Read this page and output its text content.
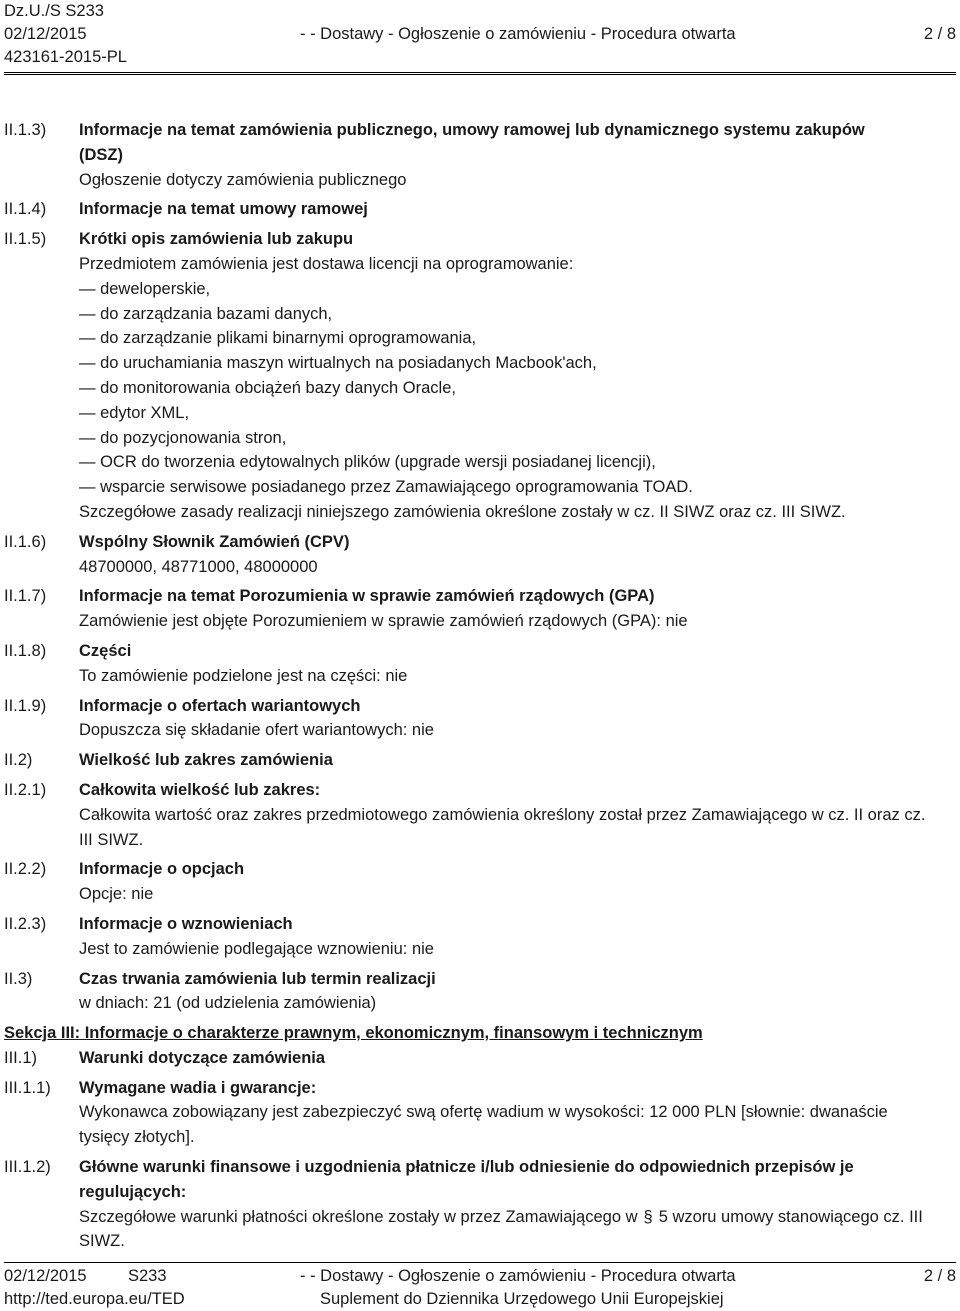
Dz.U./S S233
02/12/2015	- - Dostawy - Ogłoszenie o zamówieniu - Procedura otwarta	2 / 8
423161-2015-PL
II.1.3) Informacje na temat zamówienia publicznego, umowy ramowej lub dynamicznego systemu zakupów
(DSZ)
Ogłoszenie dotyczy zamówienia publicznego
II.1.4) Informacje na temat umowy ramowej
II.1.5) Krótki opis zamówienia lub zakupu
Przedmiotem zamówienia jest dostawa licencji na oprogramowanie:
— deweloperskie,
— do zarządzania bazami danych,
— do zarządzanie plikami binarnymi oprogramowania,
— do uruchamiania maszyn wirtualnych na posiadanych Macbook'ach,
— do monitorowania obciążeń bazy danych Oracle,
— edytor XML,
— do pozycjonowania stron,
— OCR do tworzenia edytowalnych plików (upgrade wersji posiadanej licencji),
— wsparcie serwisowe posiadanego przez Zamawiającego oprogramowania TOAD.
Szczegółowe zasady realizacji niniejszego zamówienia określone zostały w cz. II SIWZ oraz cz. III SIWZ.
II.1.6) Wspólny Słownik Zamówień (CPV)
48700000, 48771000, 48000000
II.1.7) Informacje na temat Porozumienia w sprawie zamówień rządowych (GPA)
Zamówienie jest objęte Porozumieniem w sprawie zamówień rządowych (GPA): nie
II.1.8) Części
To zamówienie podzielone jest na części: nie
II.1.9) Informacje o ofertach wariantowych
Dopuszcza się składanie ofert wariantowych: nie
II.2)	Wielkość lub zakres zamówienia
II.2.1) Całkowita wielkość lub zakres:
Całkowita wartość oraz zakres przedmiotowego zamówienia określony został przez Zamawiającego w cz. II oraz cz. III SIWZ.
II.2.2) Informacje o opcjach
Opcje: nie
II.2.3) Informacje o wznowieniach
Jest to zamówienie podlegające wznowieniu: nie
II.3)	Czas trwania zamówienia lub termin realizacji
w dniach: 21 (od udzielenia zamówienia)
Sekcja III: Informacje o charakterze prawnym, ekonomicznym, finansowym i technicznym
III.1)	Warunki dotyczące zamówienia
III.1.1) Wymagane wadia i gwarancje:
Wykonawca zobowiązany jest zabezpieczyć swą ofertę wadium w wysokości: 12 000 PLN [słownie: dwanaście tysięcy złotych].
III.1.2) Główne warunki finansowe i uzgodnienia płatnicze i/lub odniesienie do odpowiednich przepisów je regulujących:
Szczegółowe warunki płatności określone zostały w przez Zamawiającego w § 5 wzoru umowy stanowiącego cz. III SIWZ.
02/12/2015	S233	- - Dostawy - Ogłoszenie o zamówieniu - Procedura otwarta	2 / 8
http://ted.europa.eu/TED	Suplement do Dziennika Urzędowego Unii Europejskiej
